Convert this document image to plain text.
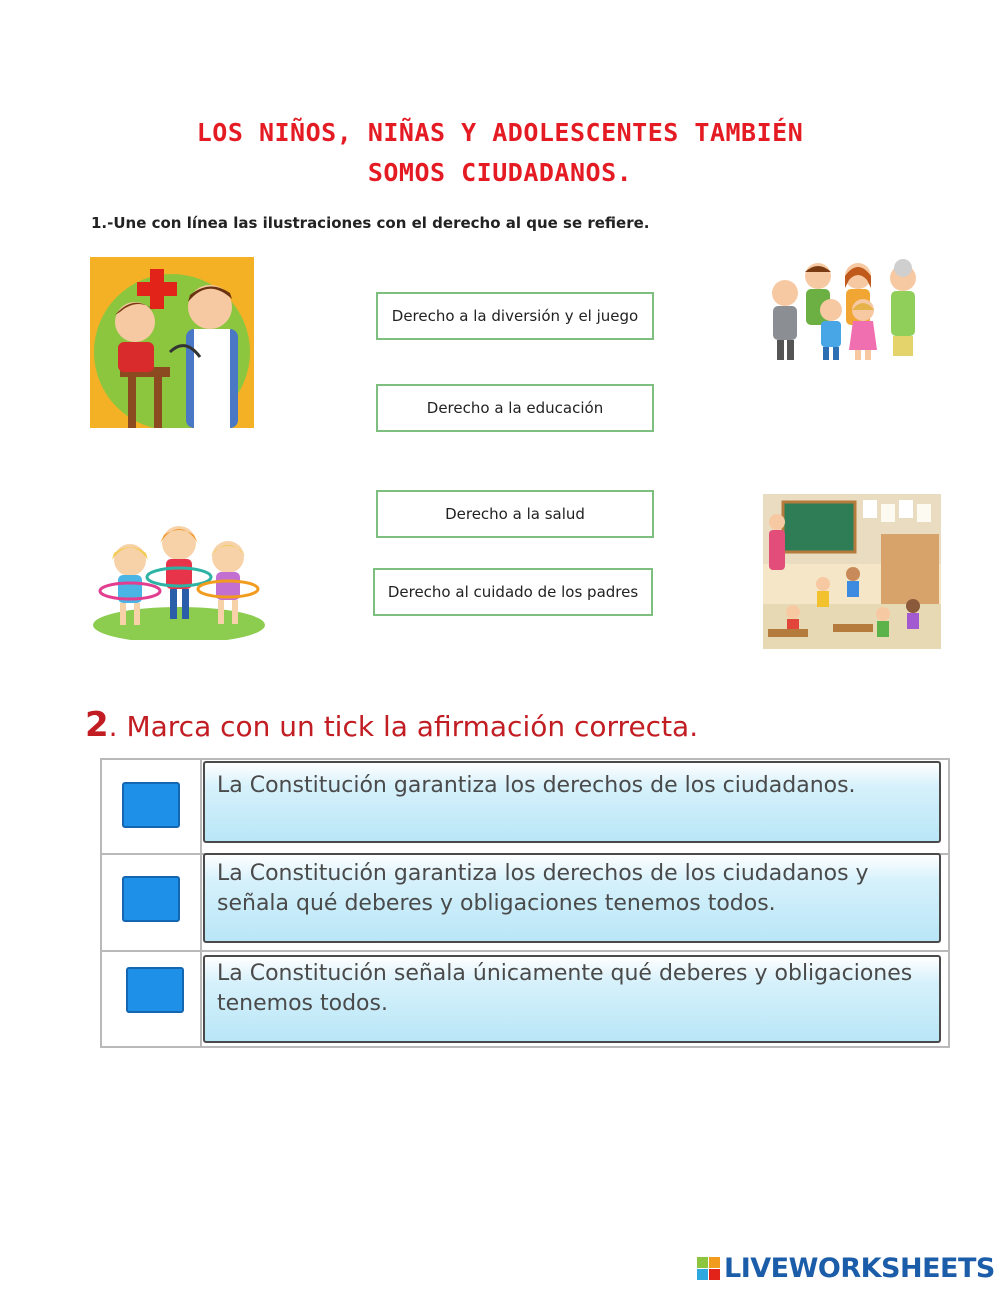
LOS NIÑOS, NIÑAS Y ADOLESCENTES TAMBIÉN
SOMOS CIUDADANOS.
1.-Une con línea las ilustraciones con el derecho al que se refiere.
Derecho a la diversión y el juego
Derecho a la educación
Derecho a la salud
Derecho al cuidado de los padres
2. Marca con un tick la afirmación correcta.
La Constitución garantiza los derechos de los ciudadanos.
La Constitución garantiza los derechos de los ciudadanos y señala qué deberes y obligaciones tenemos todos.
La Constitución señala únicamente qué deberes y obligaciones tenemos todos.
LIVEWORKSHEETS
